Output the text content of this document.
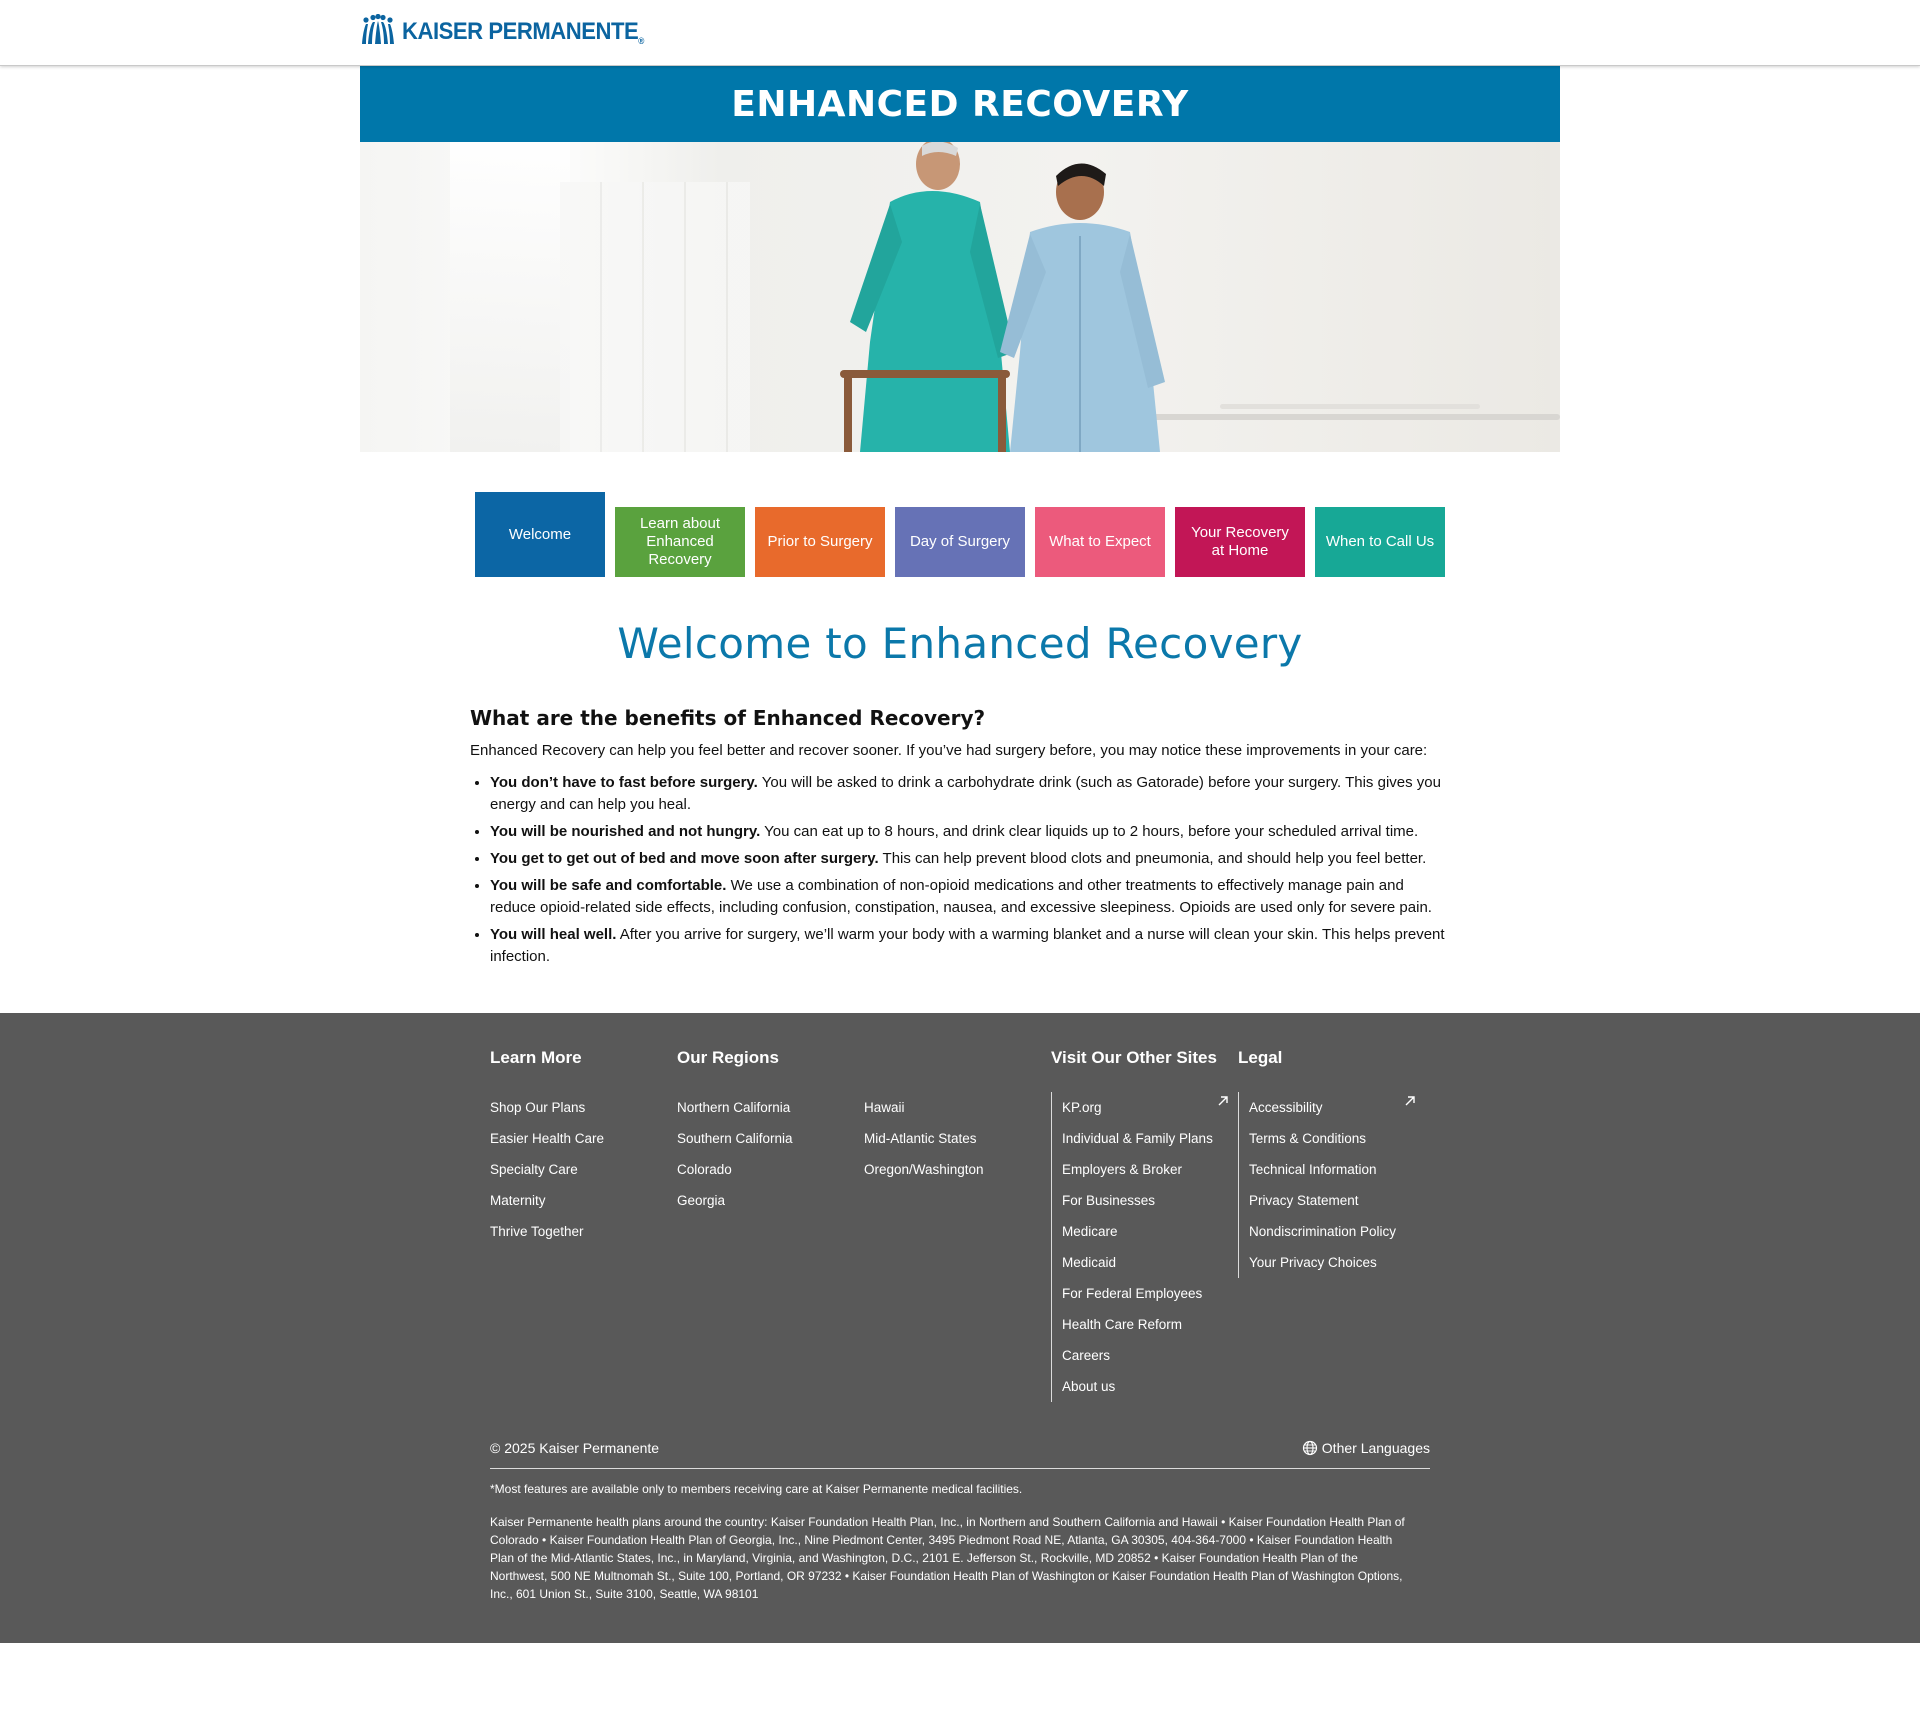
KAISER PERMANENTE®
ENHANCED RECOVERY
Welcome
Learn about Enhanced Recovery
Prior to Surgery	Day of Surgery	What to Expect
Your Recovery at Home
When to Call Us
Welcome to Enhanced Recovery
What are the benefits of Enhanced Recovery?

Enhanced Recovery can help you feel better and recover sooner. If you’ve had surgery before, you may notice these improvements in your care:

• You don’t have to fast before surgery. You will be asked to drink a carbohydrate drink (such as Gatorade) before your surgery. This gives you energy and can help you heal.
• You will be nourished and not hungry. You can eat up to 8 hours, and drink clear liquids up to 2 hours, before your scheduled arrival time.
• You get to get out of bed and move soon after surgery. This can help prevent blood clots and pneumonia, and should help you feel better.
• You will be safe and comfortable. We use a combination of non-opioid medications and other treatments to effectively manage pain and reduce opioid-related side effects, including confusion, constipation, nausea, and excessive sleepiness. Opioids are used only for severe pain.
• You will heal well. After you arrive for surgery, we’ll warm your body with a warming blanket and a nurse will clean your skin. This helps prevent infection.
Learn More
Shop Our Plans
Easier Health Care
Specialty Care
Maternity
Thrive Together
Our Regions
Northern California
Southern California
Colorado
Georgia
Hawaii
Mid-Atlantic States
Oregon/Washington
Visit Our Other Sites
KP.org
Individual & Family Plans
Employers & Broker
For Businesses
Medicare
Medicaid
For Federal Employees
Health Care Reform
Careers
About us
Legal
Accessibility
Terms & Conditions
Technical Information
Privacy Statement
Nondiscrimination Policy
Your Privacy Choices
© 2025 Kaiser Permanente	Other Languages

*Most features are available only to members receiving care at Kaiser Permanente medical facilities.

Kaiser Permanente health plans around the country: Kaiser Foundation Health Plan, Inc., in Northern and Southern California and Hawaii • Kaiser Foundation Health Plan of Colorado • Kaiser Foundation Health Plan of Georgia, Inc., Nine Piedmont Center, 3495 Piedmont Road NE, Atlanta, GA 30305, 404-364-7000 • Kaiser Foundation Health Plan of the Mid-Atlantic States, Inc., in Maryland, Virginia, and Washington, D.C., 2101 E. Jefferson St., Rockville, MD 20852 • Kaiser Foundation Health Plan of the Northwest, 500 NE Multnomah St., Suite 100, Portland, OR 97232 • Kaiser Foundation Health Plan of Washington or Kaiser Foundation Health Plan of Washington Options, Inc., 601 Union St., Suite 3100, Seattle, WA 98101
